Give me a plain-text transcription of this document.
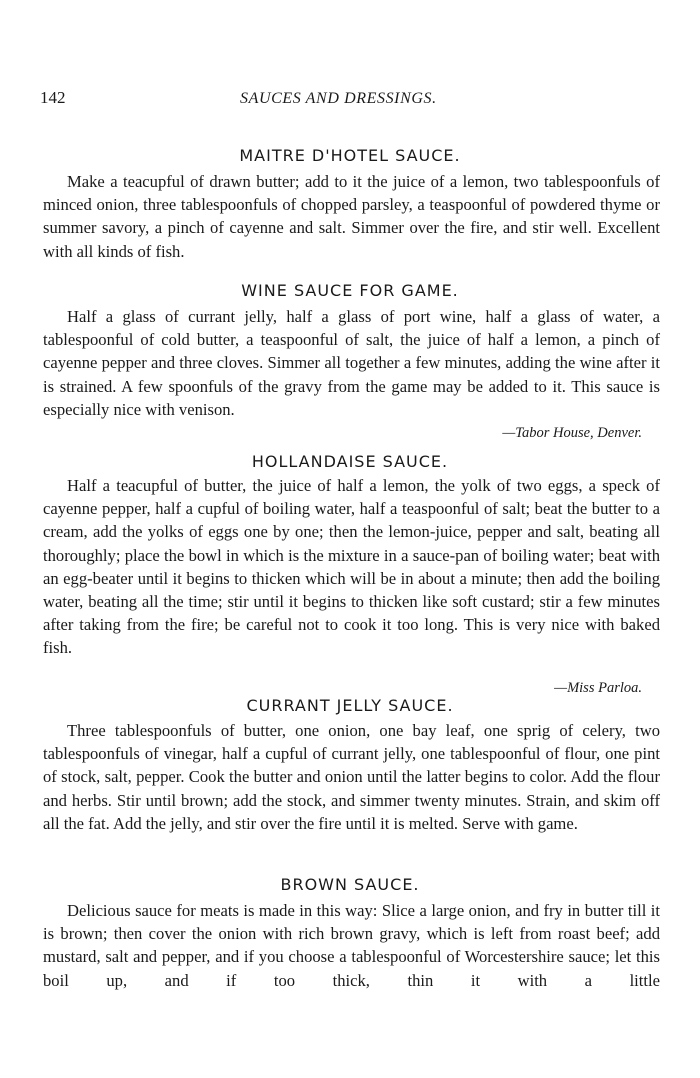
142	SAUCES AND DRESSINGS.
MAITRE D'HOTEL SAUCE.

Make a teacupful of drawn butter; add to it the juice of a lemon, two tablespoonfuls of minced onion, three tablespoonfuls of chopped parsley, a teaspoonful of powdered thyme or summer savory, a pinch of cayenne and salt. Simmer over the fire, and stir well. Excellent with all kinds of fish.

WINE SAUCE FOR GAME.

Half a glass of currant jelly, half a glass of port wine, half a glass of water, a tablespoonful of cold butter, a teaspoonful of salt, the juice of half a lemon, a pinch of cayenne pepper and three cloves. Simmer all together a few minutes, adding the wine after it is strained. A few spoonfuls of the gravy from the game may be added to it. This sauce is especially nice with venison.

—Tabor House, Denver.
HOLLANDAISE SAUCE.

Half a teacupful of butter, the juice of half a lemon, the yolk of two eggs, a speck of cayenne pepper, half a cupful of boiling water, half a teaspoonful of salt; beat the butter to a cream, add the yolks of eggs one by one; then the lemon-juice, pepper and salt, beating all thoroughly; place the bowl in which is the mixture in a sauce-pan of boiling water; beat with an egg-beater until it begins to thicken which will be in about a minute; then add the boiling water, beating all the time; stir until it begins to thicken like soft custard; stir a few minutes after taking from the fire; be careful not to cook it too long. This is very nice with baked fish.

—Miss Parloa.
CURRANT JELLY SAUCE.

Three tablespoonfuls of butter, one onion, one bay leaf, one sprig of celery, two tablespoonfuls of vinegar, half a cupful of currant jelly, one tablespoonful of flour, one pint of stock, salt, pepper. Cook the butter and onion until the latter begins to color. Add the flour and herbs. Stir until brown; add the stock, and simmer twenty minutes. Strain, and skim off all the fat. Add the jelly, and stir over the fire until it is melted. Serve with game.

BROWN SAUCE.

Delicious sauce for meats is made in this way: Slice a large onion, and fry in butter till it is brown; then cover the onion with rich brown gravy, which is left from roast beef; add mustard, salt and pepper, and if you choose a tablespoonful of Worcestershire sauce; let this boil up, and if too thick, thin it with a little
